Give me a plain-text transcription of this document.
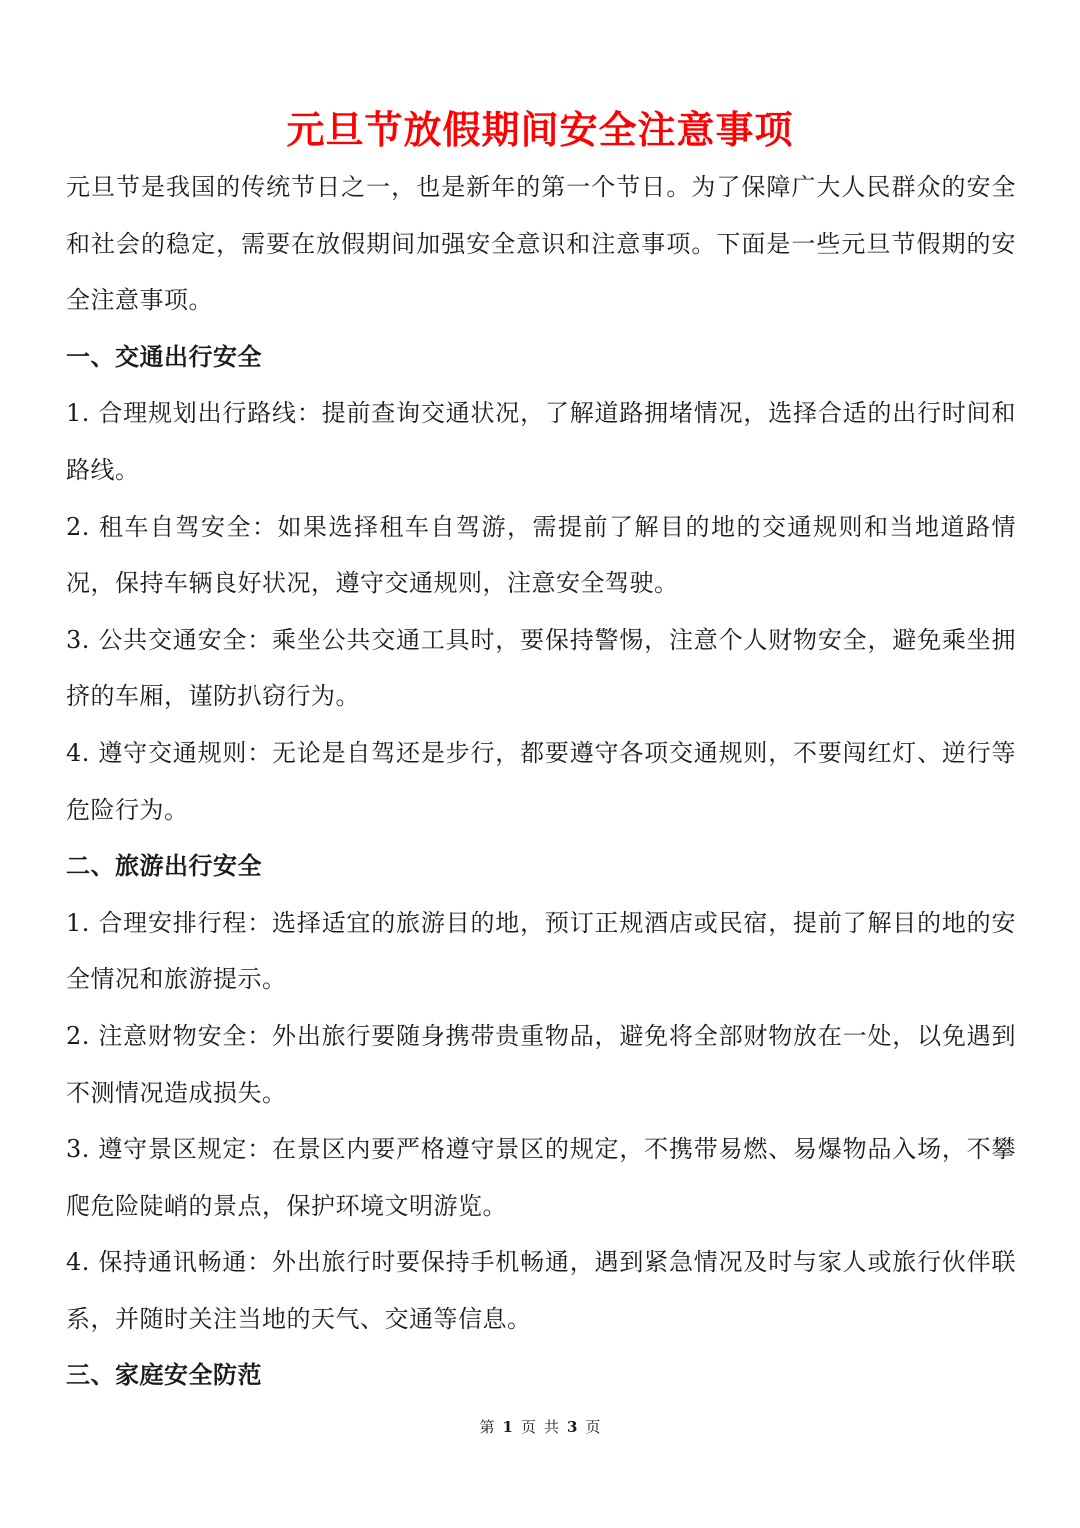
元旦节放假期间安全注意事项

元旦节是我国的传统节日之一，也是新年的第一个节日。为了保障广大人民群众的安全和社会的稳定，需要在放假期间加强安全意识和注意事项。下面是一些元旦节假期的安全注意事项。

一、交通出行安全

1. 合理规划出行路线：提前查询交通状况，了解道路拥堵情况，选择合适的出行时间和路线。

2. 租车自驾安全：如果选择租车自驾游，需提前了解目的地的交通规则和当地道路情况，保持车辆良好状况，遵守交通规则，注意安全驾驶。

3. 公共交通安全：乘坐公共交通工具时，要保持警惕，注意个人财物安全，避免乘坐拥挤的车厢，谨防扒窃行为。

4. 遵守交通规则：无论是自驾还是步行，都要遵守各项交通规则，不要闯红灯、逆行等危险行为。

二、旅游出行安全

1. 合理安排行程：选择适宜的旅游目的地，预订正规酒店或民宿，提前了解目的地的安全情况和旅游提示。

2. 注意财物安全：外出旅行要随身携带贵重物品，避免将全部财物放在一处，以免遇到不测情况造成损失。

3. 遵守景区规定：在景区内要严格遵守景区的规定，不携带易燃、易爆物品入场，不攀爬危险陡峭的景点，保护环境文明游览。

4. 保持通讯畅通：外出旅行时要保持手机畅通，遇到紧急情况及时与家人或旅行伙伴联系，并随时关注当地的天气、交通等信息。

三、家庭安全防范

第 1 页 共 3 页
